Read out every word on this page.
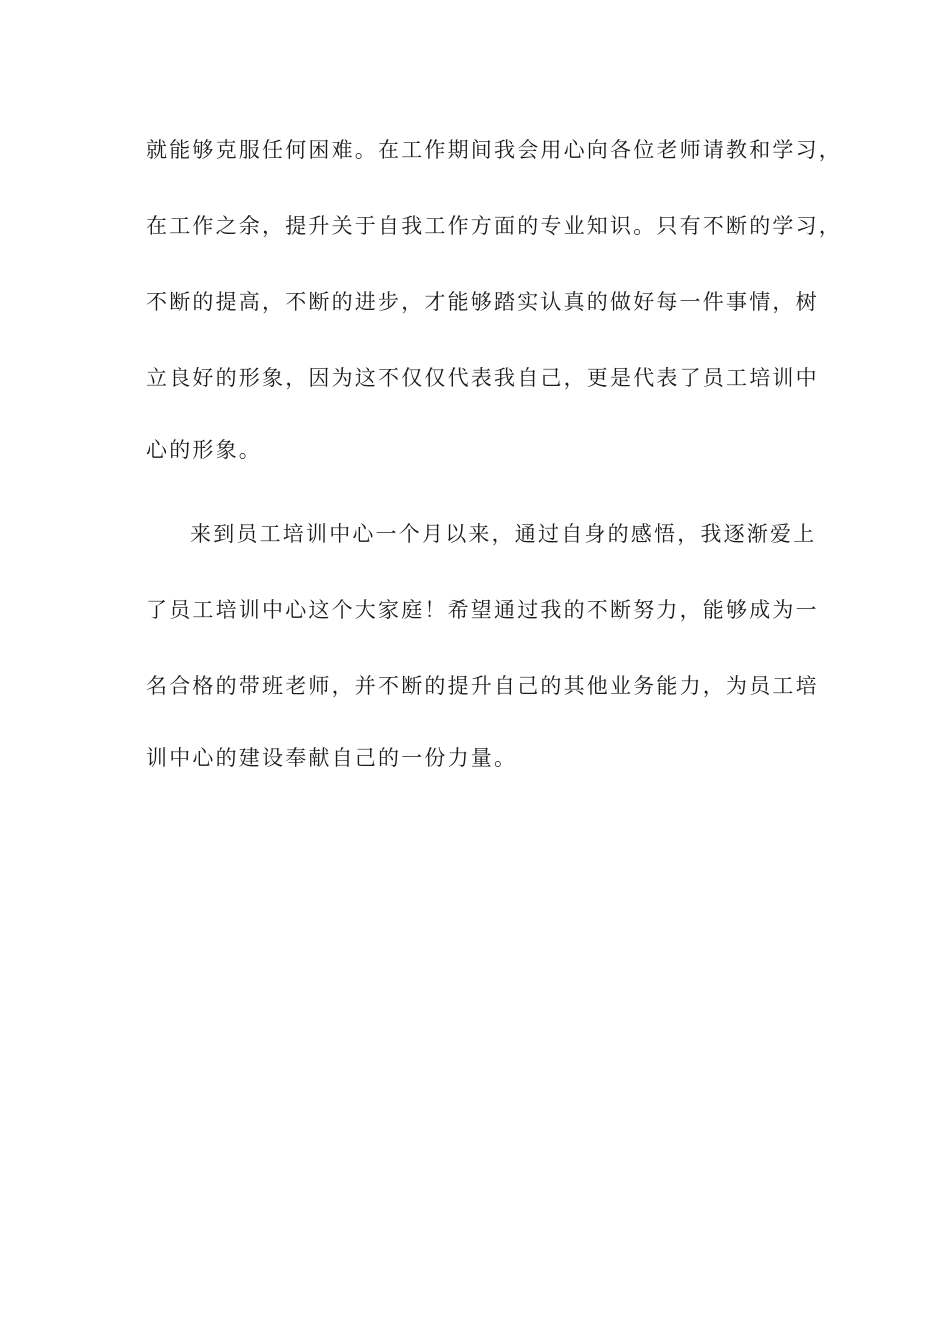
就能够克服任何困难。在工作期间我会用心向各位老师请教和学习，

在工作之余，提升关于自我工作方面的专业知识。只有不断的学习，

不断的提高，不断的进步，才能够踏实认真的做好每一件事情，树

立良好的形象，因为这不仅仅代表我自己，更是代表了员工培训中

心的形象。

来到员工培训中心一个月以来，通过自身的感悟，我逐渐爱上

了员工培训中心这个大家庭！希望通过我的不断努力，能够成为一

名合格的带班老师，并不断的提升自己的其他业务能力，为员工培

训中心的建设奉献自己的一份力量。
